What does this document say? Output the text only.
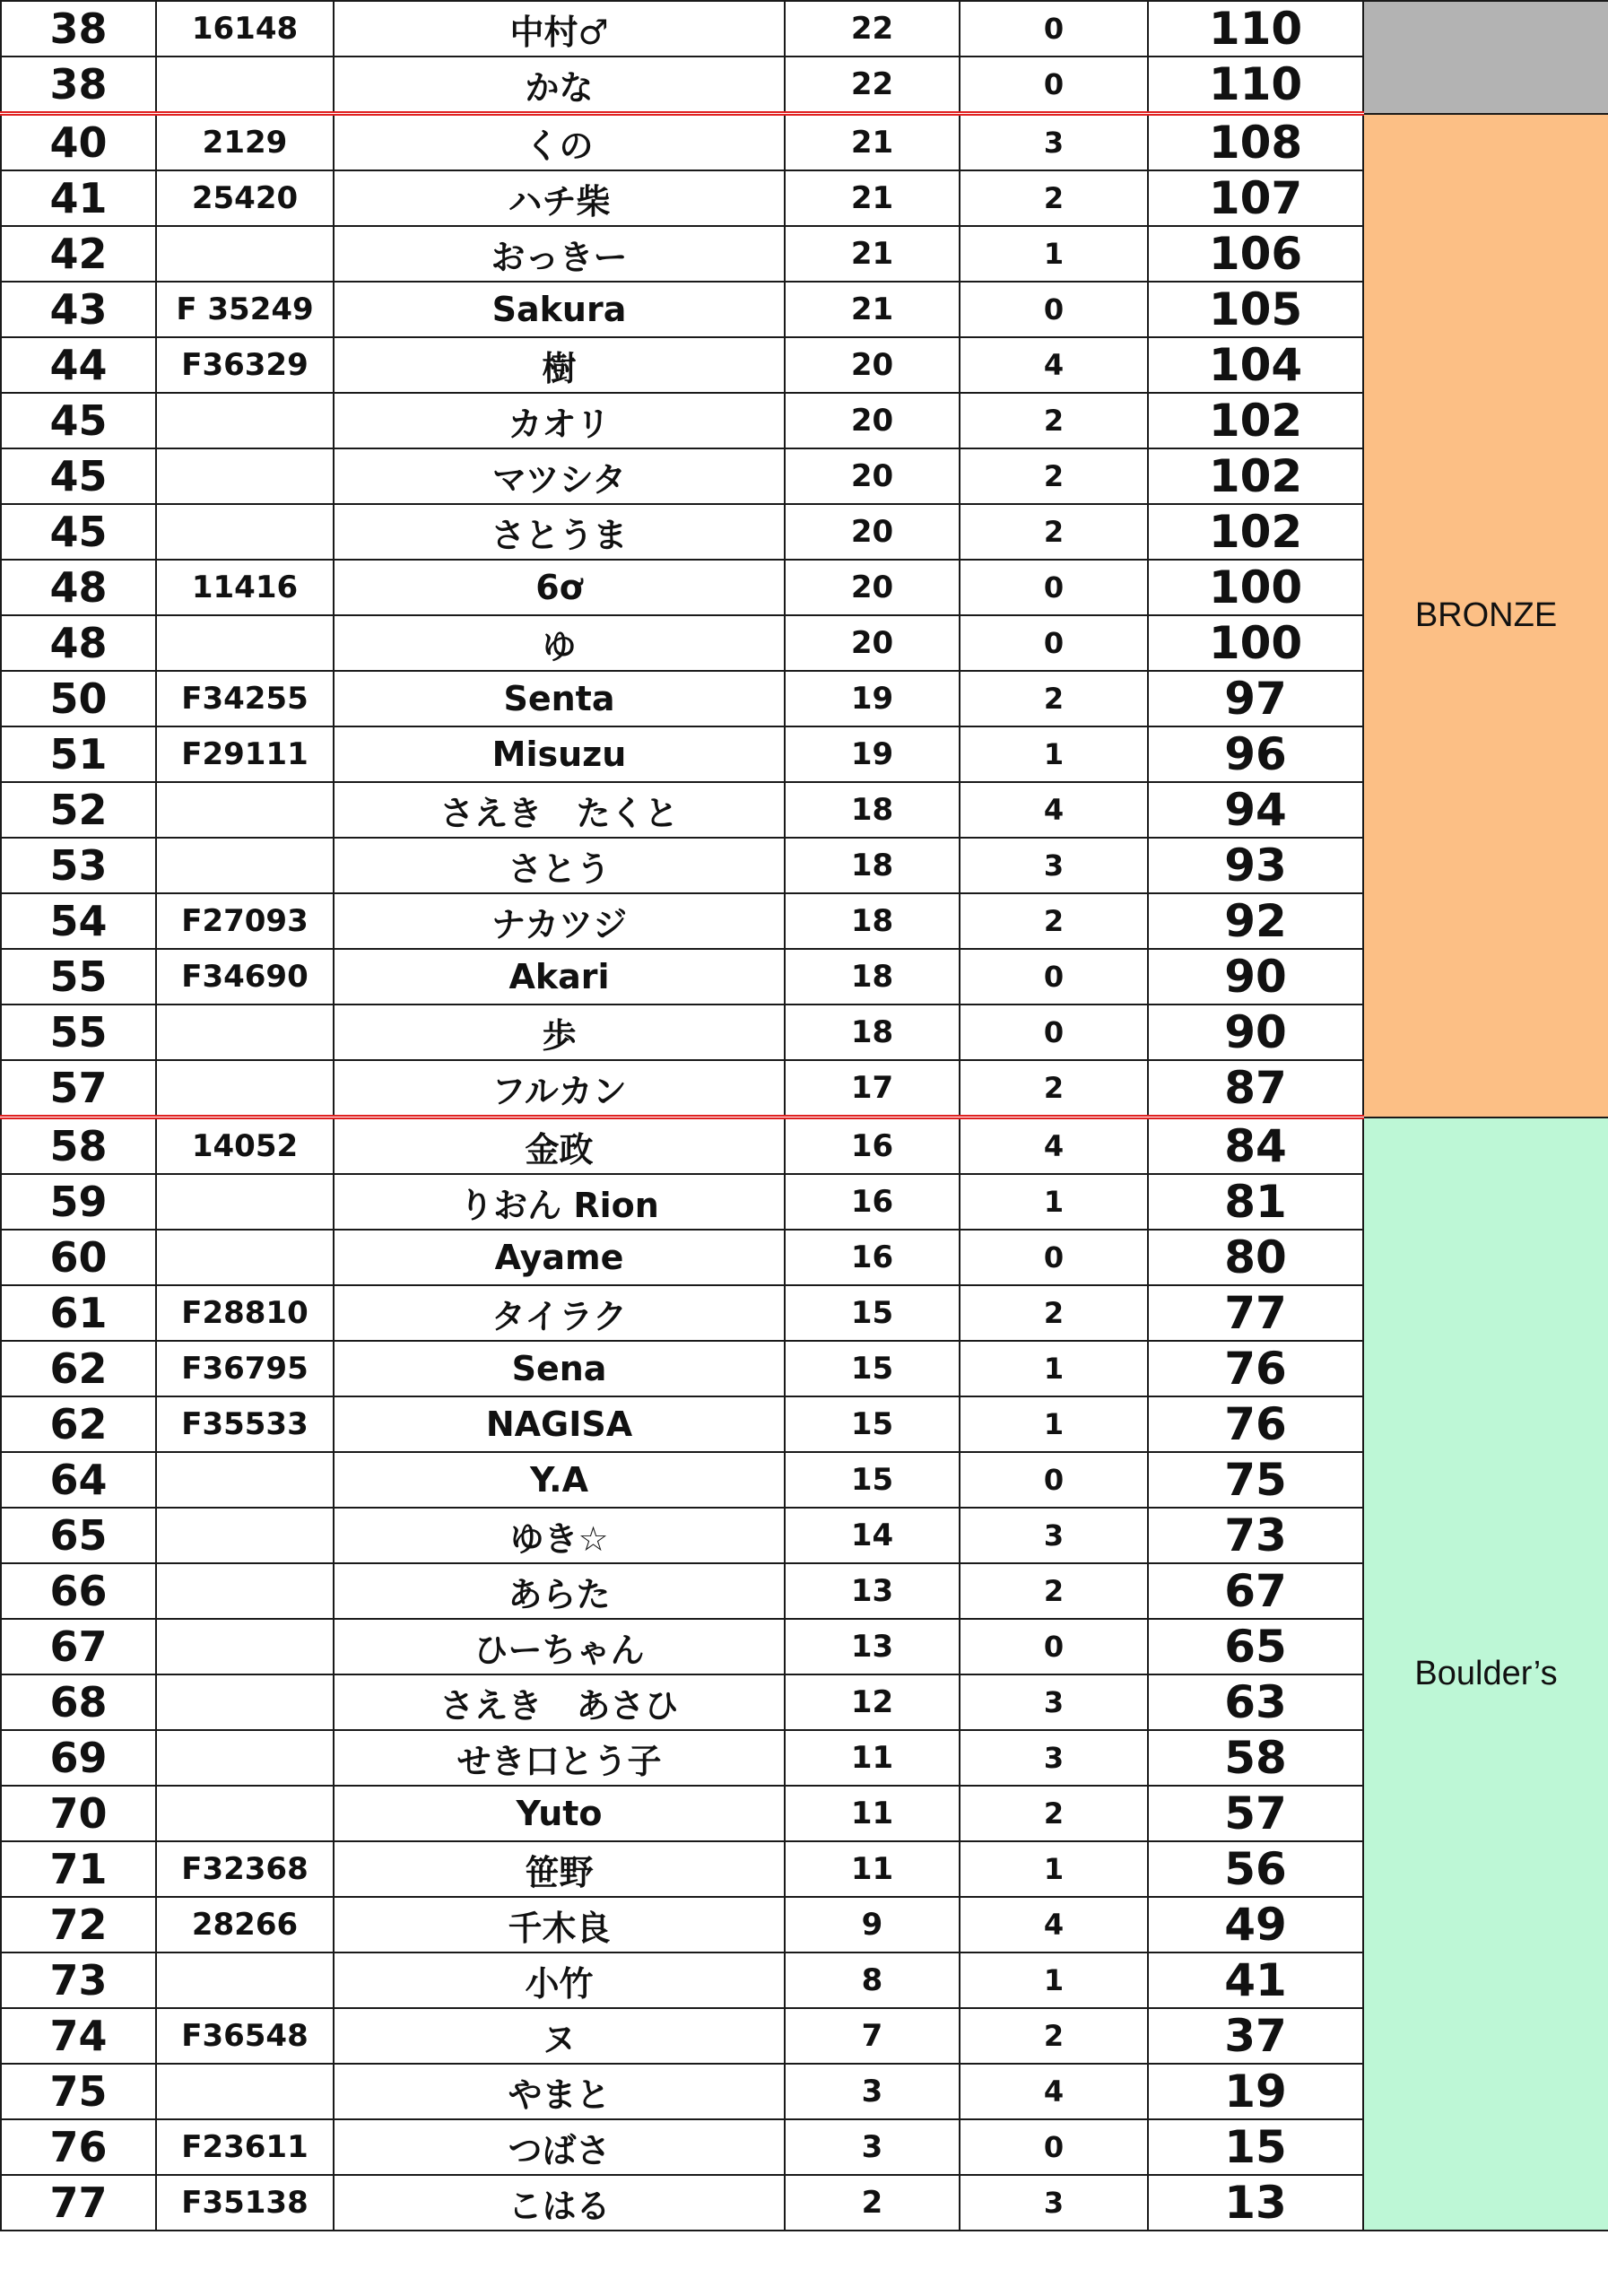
38	16148	中村♂	22	0	110	
38		かな	22	0	110	
40	2129	くの	21	3	108	BRONZE
41	25420	ハチ柴	21	2	107	
42		おっきー	21	1	106	
43	F 35249	Sakura	21	0	105	
44	F36329	樹	20	4	104	
45		カオリ	20	2	102	
45		マツシタ	20	2	102	
45		さとうま	20	2	102	
48	11416	6ơ	20	0	100	
48		ゆ	20	0	100	
50	F34255	Senta	19	2	97	
51	F29111	Misuzu	19	1	96	
52		さえき　たくと	18	4	94	
53		さとう	18	3	93	
54	F27093	ナカツジ	18	2	92	
55	F34690	Akari	18	0	90	
55		歩	18	0	90	
57		フルカン	17	2	87	
58	14052	金政	16	4	84	Boulder’s
59		りおん Rion	16	1	81	
60		Ayame	16	0	80	
61	F28810	タイラク	15	2	77	
62	F36795	Sena	15	1	76	
62	F35533	NAGISA	15	1	76	
64		Y.A	15	0	75	
65		ゆき☆	14	3	73	
66		あらた	13	2	67	
67		ひーちゃん	13	0	65	
68		さえき　あさひ	12	3	63	
69		せき口とう子	11	3	58	
70		Yuto	11	2	57	
71	F32368	笹野	11	1	56	
72	28266	千木良	9	4	49	
73		小竹	8	1	41	
74	F36548	ヌ	7	2	37	
75		やまと	3	4	19	
76	F23611	つばさ	3	0	15	
77	F35138	こはる	2	3	13	
